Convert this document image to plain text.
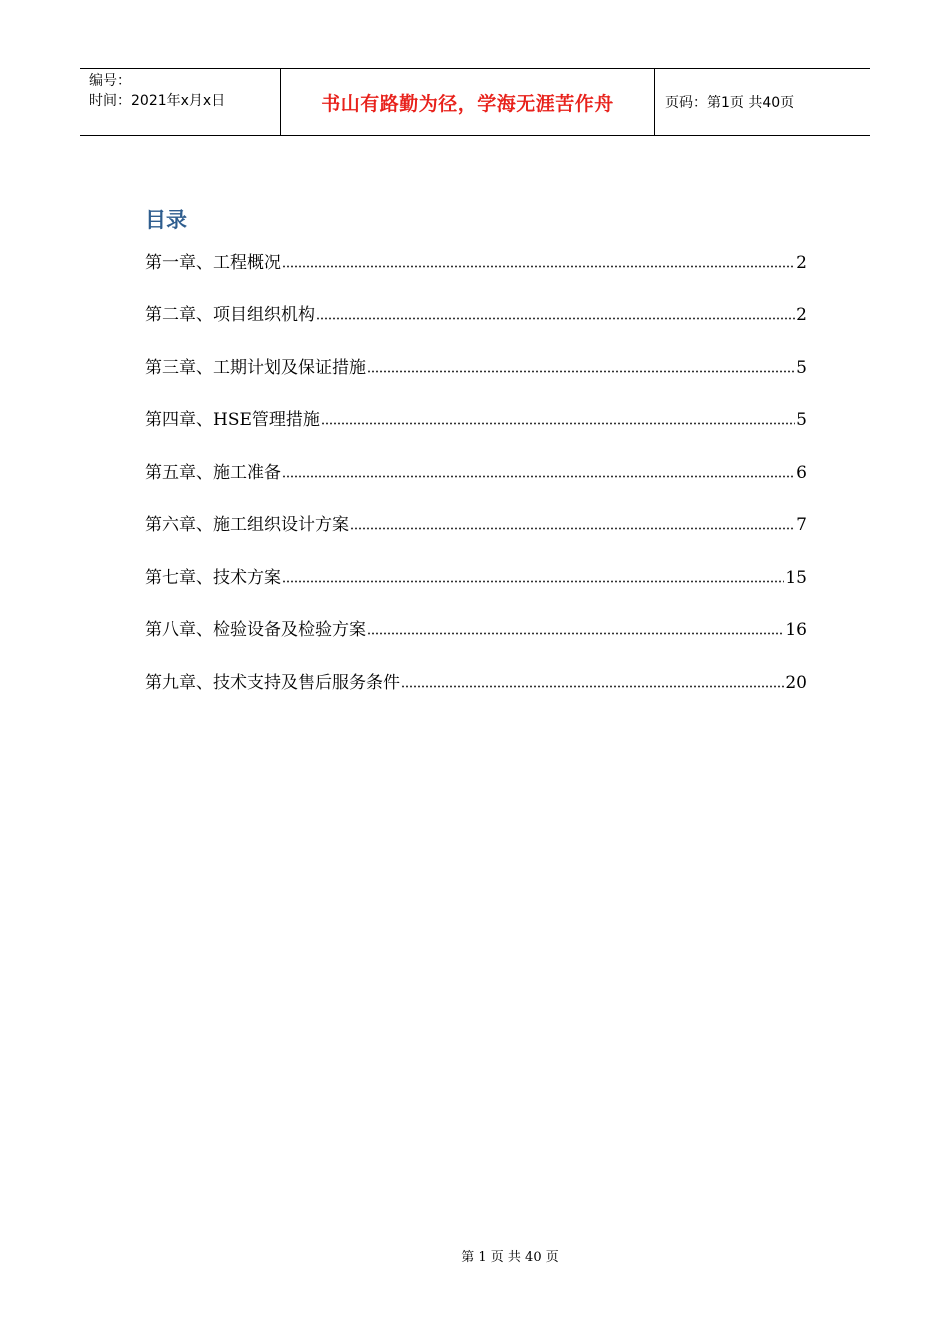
编号：
时间：2021年x月x日	书山有路勤为径，学海无涯苦作舟	页码：第1页 共40页
目录
第一章、工程概况	2
第二章、项目组织机构	2
第三章、工期计划及保证措施	5
第四章、HSE管理措施	5
第五章、施工准备	6
第六章、施工组织设计方案	7
第七章、技术方案	15
第八章、检验设备及检验方案	16
第九章、技术支持及售后服务条件	20
第 1 页 共 40 页
